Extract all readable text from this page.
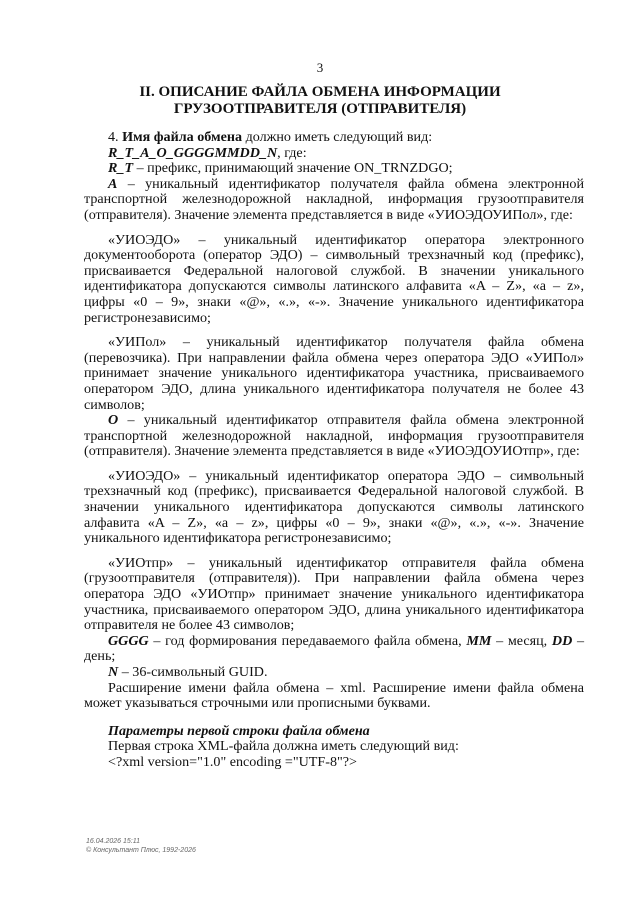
3
II. ОПИСАНИЕ ФАЙЛА ОБМЕНА ИНФОРМАЦИИ
ГРУЗООТПРАВИТЕЛЯ (ОТПРАВИТЕЛЯ)

4. Имя файла обмена должно иметь следующий вид:

R_T_A_O_GGGGMMDD_N, где:

R_T – префикс, принимающий значение ON_TRNZDGO;

A – уникальный идентификатор получателя файла обмена электронной транспортной железнодорожной накладной, информация грузоотправителя (отправителя). Значение элемента представляется в виде «УИОЭДОУИПол», где:

«УИОЭДО» – уникальный идентификатор оператора электронного документооборота (оператор ЭДО) – символьный трехзначный код (префикс), присваивается Федеральной налоговой службой. В значении уникального идентификатора допускаются символы латинского алфавита «A – Z», «a – z», цифры «0 – 9», знаки «@», «.», «-». Значение уникального идентификатора регистронезависимо;

«УИПол» – уникальный идентификатор получателя файла обмена (перевозчика). При направлении файла обмена через оператора ЭДО «УИПол» принимает значение уникального идентификатора участника, присваиваемого оператором ЭДО, длина уникального идентификатора получателя не более 43 символов;

O – уникальный идентификатор отправителя файла обмена электронной транспортной железнодорожной накладной, информация грузоотправителя (отправителя). Значение элемента представляется в виде «УИОЭДОУИОтпр», где:

«УИОЭДО» – уникальный идентификатор оператора ЭДО – символьный трехзначный код (префикс), присваивается Федеральной налоговой службой. В значении уникального идентификатора допускаются символы латинского алфавита «A – Z», «a – z», цифры «0 – 9», знаки «@», «.», «-». Значение уникального идентификатора регистронезависимо;

«УИОтпр» – уникальный идентификатор отправителя файла обмена (грузоотправителя (отправителя)). При направлении файла обмена через оператора ЭДО «УИОтпр» принимает значение уникального идентификатора участника, присваиваемого оператором ЭДО, длина уникального идентификатора отправителя не более 43 символов;

GGGG – год формирования передаваемого файла обмена, MM – месяц, DD – день;

N – 36-символьный GUID.

Расширение имени файла обмена – xml. Расширение имени файла обмена может указываться строчными или прописными буквами.

Параметры первой строки файла обмена

Первая строка XML-файла должна иметь следующий вид:

<?xml version="1.0" encoding ="UTF-8"?>

16.04.2026 15:11
© Консультант Плюс, 1992-2026
